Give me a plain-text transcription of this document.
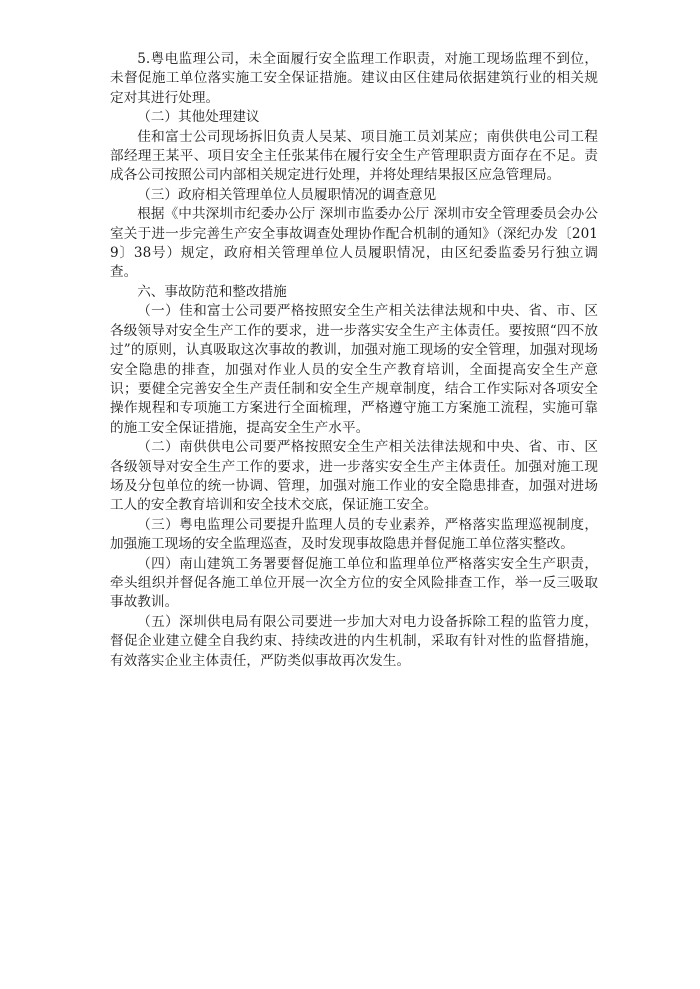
5.粤电监理公司，未全面履行安全监理工作职责，对施工现场监理不到位，未督促施工单位落实施工安全保证措施。建议由区住建局依据建筑行业的相关规定对其进行处理。

（二）其他处理建议

佳和富士公司现场拆旧负责人吴某、项目施工员刘某应；南供供电公司工程部经理王某平、项目安全主任张某伟在履行安全生产管理职责方面存在不足。责成各公司按照公司内部相关规定进行处理，并将处理结果报区应急管理局。

（三）政府相关管理单位人员履职情况的调查意见

根据《中共深圳市纪委办公厅 深圳市监委办公厅 深圳市安全管理委员会办公室关于进一步完善生产安全事故调查处理协作配合机制的通知》（深纪办发〔2019〕38号）规定，政府相关管理单位人员履职情况，由区纪委监委另行独立调查。

六、事故防范和整改措施

（一）佳和富士公司要严格按照安全生产相关法律法规和中央、省、市、区各级领导对安全生产工作的要求，进一步落实安全生产主体责任。要按照“四不放过”的原则，认真吸取这次事故的教训，加强对施工现场的安全管理，加强对现场安全隐患的排查，加强对作业人员的安全生产教育培训，全面提高安全生产意识；要健全完善安全生产责任制和安全生产规章制度，结合工作实际对各项安全操作规程和专项施工方案进行全面梳理，严格遵守施工方案施工流程，实施可靠的施工安全保证措施，提高安全生产水平。

（二）南供供电公司要严格按照安全生产相关法律法规和中央、省、市、区各级领导对安全生产工作的要求，进一步落实安全生产主体责任。加强对施工现场及分包单位的统一协调、管理，加强对施工作业的安全隐患排查，加强对进场工人的安全教育培训和安全技术交底，保证施工安全。

（三）粤电监理公司要提升监理人员的专业素养，严格落实监理巡视制度，加强施工现场的安全监理巡查，及时发现事故隐患并督促施工单位落实整改。

（四）南山建筑工务署要督促施工单位和监理单位严格落实安全生产职责，牵头组织并督促各施工单位开展一次全方位的安全风险排查工作，举一反三吸取事故教训。

（五）深圳供电局有限公司要进一步加大对电力设备拆除工程的监管力度，督促企业建立健全自我约束、持续改进的内生机制，采取有针对性的监督措施，有效落实企业主体责任，严防类似事故再次发生。
